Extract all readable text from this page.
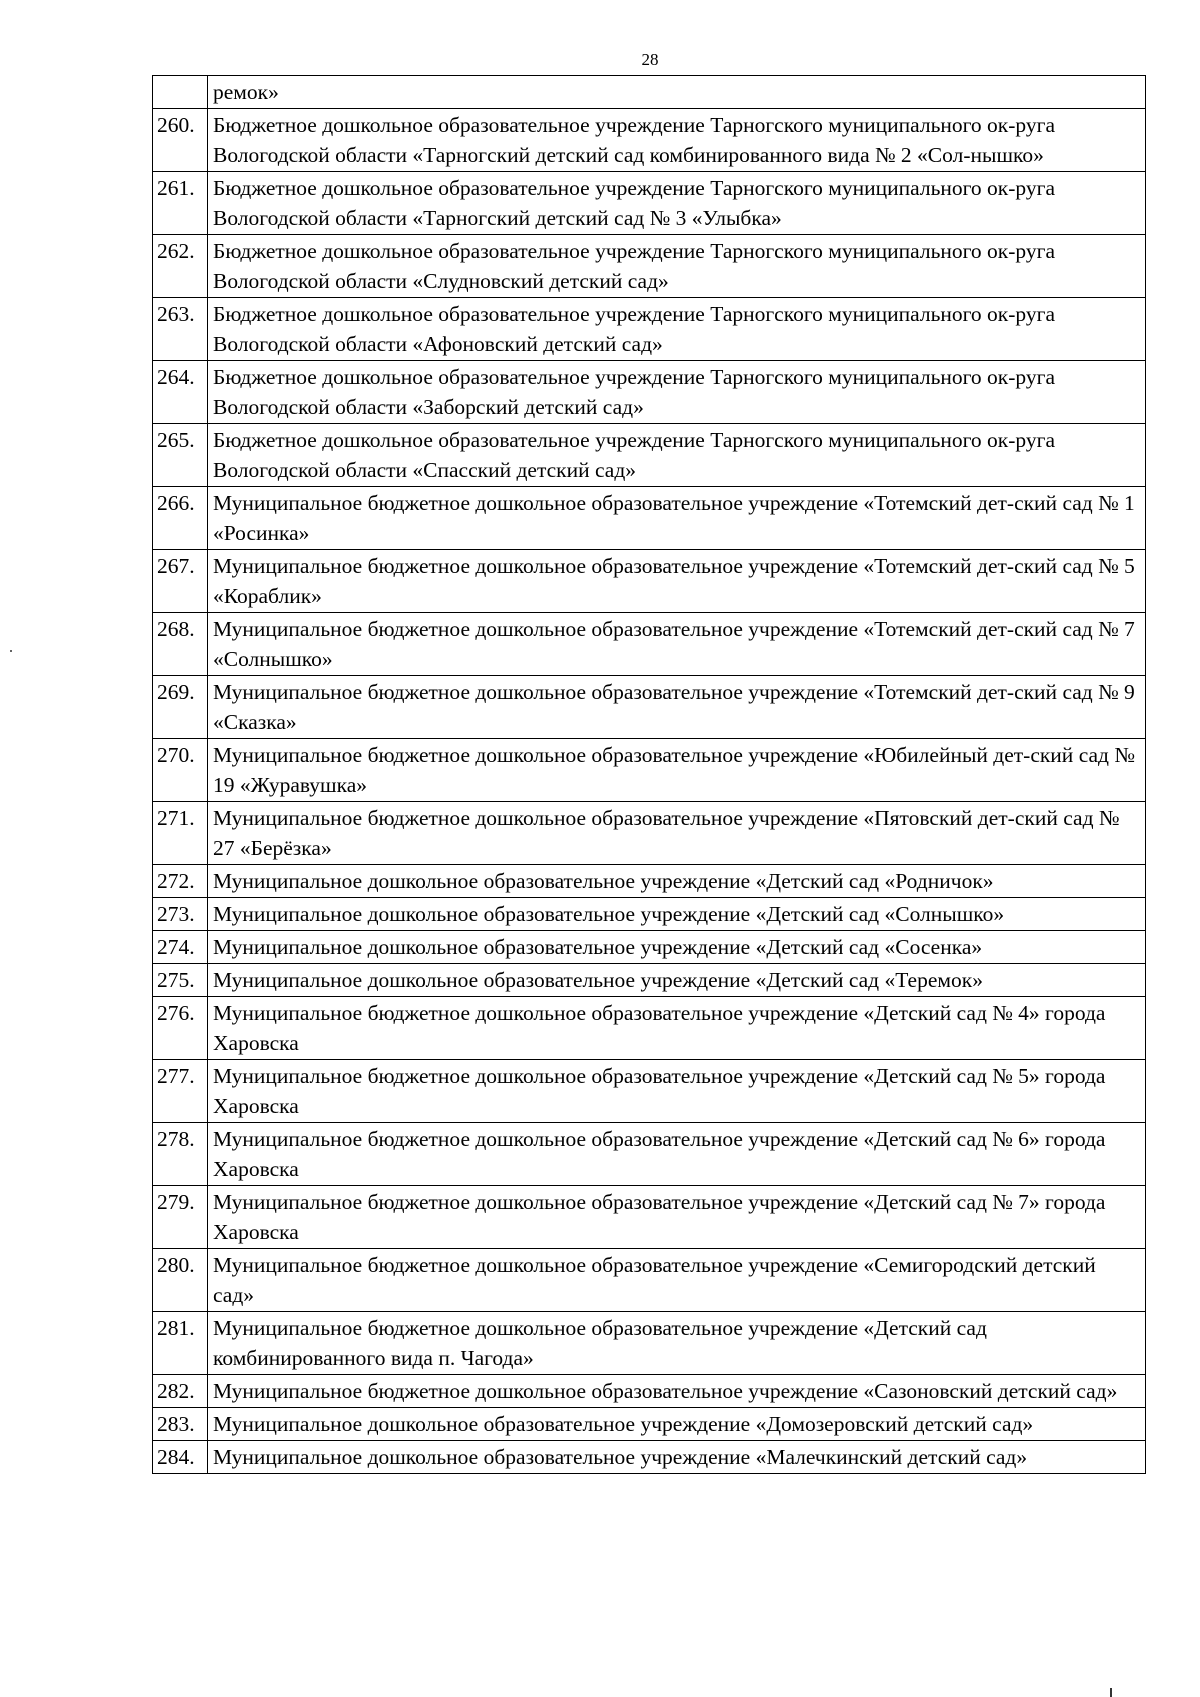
28
	ремок»
260.	Бюджетное дошкольное образовательное учреждение Тарногского муниципального ок-руга Вологодской области «Тарногский детский сад комбинированного вида № 2 «Сол-нышко»
261.	Бюджетное дошкольное образовательное учреждение Тарногского муниципального ок-руга Вологодской области «Тарногский детский сад № 3 «Улыбка»
262.	Бюджетное дошкольное образовательное учреждение Тарногского муниципального ок-руга Вологодской области «Слудновский детский сад»
263.	Бюджетное дошкольное образовательное учреждение Тарногского муниципального ок-руга Вологодской области «Афоновский детский сад»
264.	Бюджетное дошкольное образовательное учреждение Тарногского муниципального ок-руга Вологодской области «Заборский детский сад»
265.	Бюджетное дошкольное образовательное учреждение Тарногского муниципального ок-руга Вологодской области «Спасский детский сад»
266.	Муниципальное бюджетное дошкольное образовательное учреждение «Тотемский дет-ский сад № 1 «Росинка»
267.	Муниципальное бюджетное дошкольное образовательное учреждение «Тотемский дет-ский сад № 5 «Кораблик»
268.	Муниципальное бюджетное дошкольное образовательное учреждение «Тотемский дет-ский сад № 7 «Солнышко»
269.	Муниципальное бюджетное дошкольное образовательное учреждение «Тотемский дет-ский сад № 9 «Сказка»
270.	Муниципальное бюджетное дошкольное образовательное учреждение «Юбилейный дет-ский сад № 19 «Журавушка»
271.	Муниципальное бюджетное дошкольное образовательное учреждение «Пятовский дет-ский сад № 27 «Берёзка»
272.	Муниципальное дошкольное образовательное учреждение «Детский сад «Родничок»
273.	Муниципальное дошкольное образовательное учреждение «Детский сад «Солнышко»
274.	Муниципальное дошкольное образовательное учреждение «Детский сад «Сосенка»
275.	Муниципальное дошкольное образовательное учреждение «Детский сад «Теремок»
276.	Муниципальное бюджетное дошкольное образовательное учреждение «Детский сад № 4» города Харовска
277.	Муниципальное бюджетное дошкольное образовательное учреждение «Детский сад № 5» города Харовска
278.	Муниципальное бюджетное дошкольное образовательное учреждение «Детский сад № 6» города Харовска
279.	Муниципальное бюджетное дошкольное образовательное учреждение «Детский сад № 7» города Харовска
280.	Муниципальное бюджетное дошкольное образовательное учреждение «Семигородский детский сад»
281.	Муниципальное бюджетное дошкольное образовательное учреждение «Детский сад комбинированного вида п. Чагода»
282.	Муниципальное бюджетное дошкольное образовательное учреждение «Сазоновский детский сад»
283.	Муниципальное дошкольное образовательное учреждение «Домозеровский детский сад»
284.	Муниципальное дошкольное образовательное учреждение «Малечкинский детский сад»
